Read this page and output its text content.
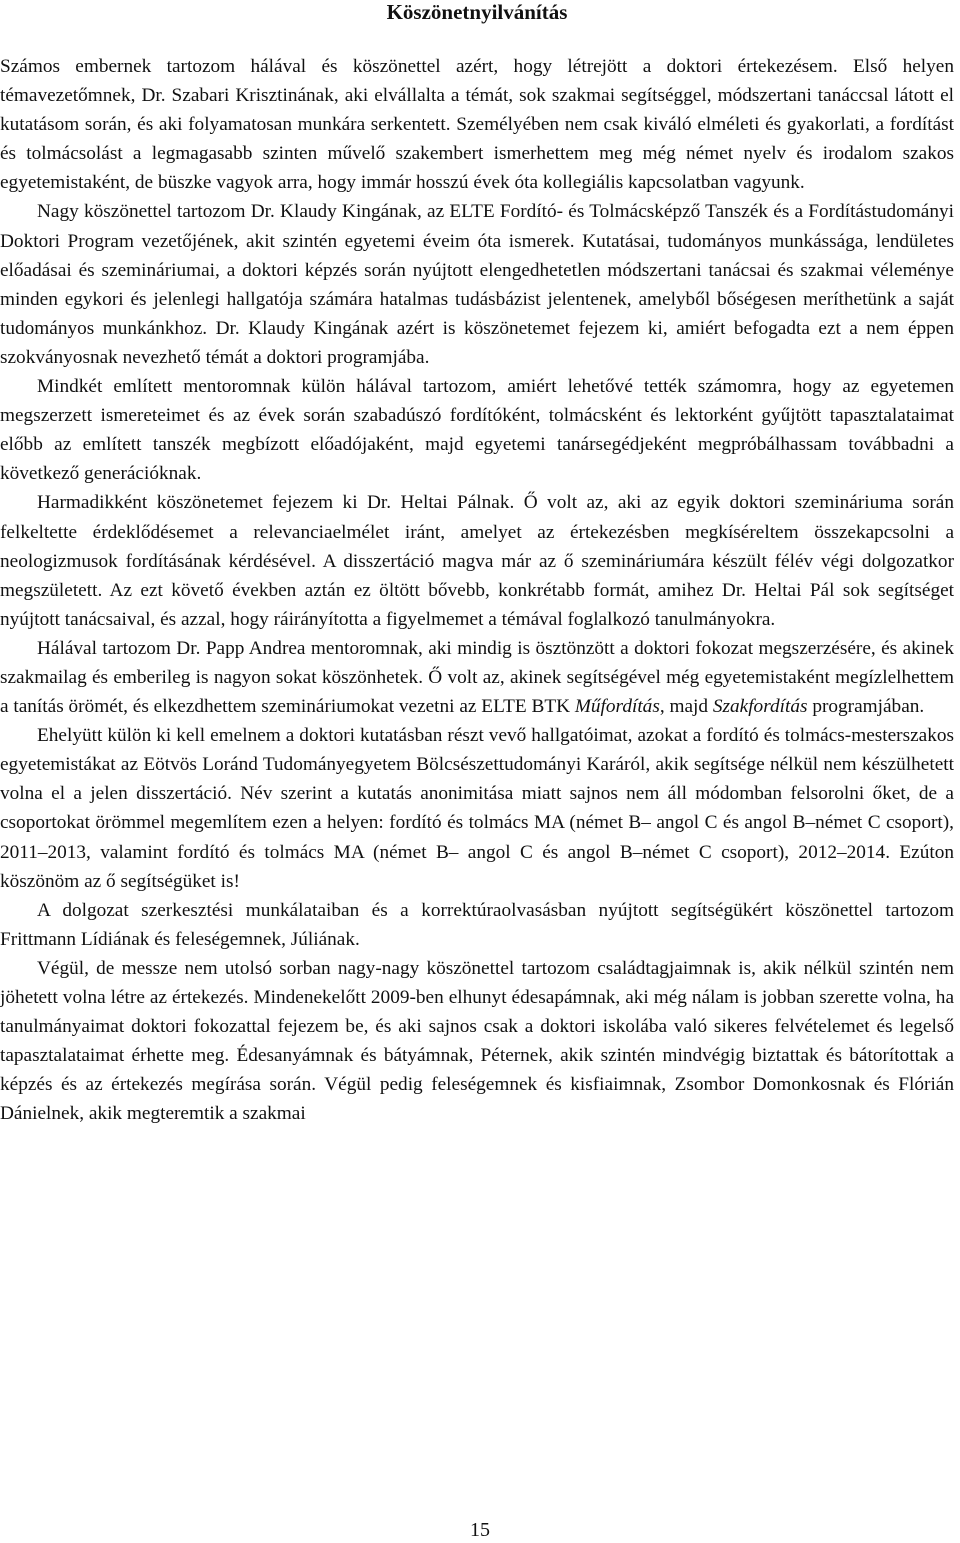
Köszönetnyilvánítás

Számos embernek tartozom hálával és köszönettel azért, hogy létrejött a doktori értekezésem. Első helyen témavezetőmnek, Dr. Szabari Krisztinának, aki elvállalta a témát, sok szakmai segítséggel, módszertani tanáccsal látott el kutatásom során, és aki folyamatosan munkára serkentett. Személyében nem csak kiváló elméleti és gyakorlati, a fordítást és tolmácsolást a legmagasabb szinten művelő szakembert ismerhettem meg még német nyelv és irodalom szakos egyetemistaként, de büszke vagyok arra, hogy immár hosszú évek óta kollegiális kapcsolatban vagyunk.

Nagy köszönettel tartozom Dr. Klaudy Kingának, az ELTE Fordító- és Tolmácsképző Tanszék és a Fordítástudományi Doktori Program vezetőjének, akit szintén egyetemi éveim óta ismerek. Kutatásai, tudományos munkássága, lendületes előadásai és szemináriumai, a doktori képzés során nyújtott elengedhetetlen módszertani tanácsai és szakmai véleménye minden egykori és jelenlegi hallgatója számára hatalmas tudásbázist jelentenek, amelyből bőségesen meríthetünk a saját tudományos munkánkhoz. Dr. Klaudy Kingának azért is köszönetemet fejezem ki, amiért befogadta ezt a nem éppen szokványosnak nevezhető témát a doktori programjába.

Mindkét említett mentoromnak külön hálával tartozom, amiért lehetővé tették számomra, hogy az egyetemen megszerzett ismereteimet és az évek során szabadúszó fordítóként, tolmácsként és lektorként gyűjtött tapasztalataimat előbb az említett tanszék megbízott előadójaként, majd egyetemi tanársegédjeként megpróbálhassam továbbadni a következő generációknak.

Harmadikként köszönetemet fejezem ki Dr. Heltai Pálnak. Ő volt az, aki az egyik doktori szemináriuma során felkeltette érdeklődésemet a relevanciaelmélet iránt, amelyet az értekezésben megkíséreltem összekapcsolni a neologizmusok fordításának kérdésével. A disszertáció magva már az ő szemináriumára készült félév végi dolgozatkor megszületett. Az ezt követő években aztán ez öltött bővebb, konkrétabb formát, amihez Dr. Heltai Pál sok segítséget nyújtott tanácsaival, és azzal, hogy ráirányította a figyelmemet a témával foglalkozó tanulmányokra.

Hálával tartozom Dr. Papp Andrea mentoromnak, aki mindig is ösztönzött a doktori fokozat megszerzésére, és akinek szakmailag és emberileg is nagyon sokat köszönhetek. Ő volt az, akinek segítségével még egyetemistaként megízlelhettem a tanítás örömét, és elkezdhettem szemináriumokat vezetni az ELTE BTK Műfordítás, majd Szakfordítás programjában.

Ehelyütt külön ki kell emelnem a doktori kutatásban részt vevő hallgatóimat, azokat a fordító és tolmács-mesterszakos egyetemistákat az Eötvös Loránd Tudományegyetem Bölcsészettudományi Karáról, akik segítsége nélkül nem készülhetett volna el a jelen disszertáció. Név szerint a kutatás anonimitása miatt sajnos nem áll módomban felsorolni őket, de a csoportokat örömmel megemlítem ezen a helyen: fordító és tolmács MA (német B– angol C és angol B–német C csoport), 2011–2013, valamint fordító és tolmács MA (német B– angol C és angol B–német C csoport), 2012–2014. Ezúton köszönöm az ő segítségüket is!

A dolgozat szerkesztési munkálataiban és a korrektúraolvasásban nyújtott segítségükért köszönettel tartozom Frittmann Lídiának és feleségemnek, Júliának.

Végül, de messze nem utolsó sorban nagy-nagy köszönettel tartozom családtagjaimnak is, akik nélkül szintén nem jöhetett volna létre az értekezés. Mindenekelőtt 2009-ben elhunyt édesapámnak, aki még nálam is jobban szerette volna, ha tanulmányaimat doktori fokozattal fejezem be, és aki sajnos csak a doktori iskolába való sikeres felvételemet és legelső tapasztalataimat érhette meg. Édesanyámnak és bátyámnak, Péternek, akik szintén mindvégig biztattak és bátorítottak a képzés és az értekezés megírása során. Végül pedig feleségemnek és kisfiaimnak, Zsombor Domonkosnak és Flórián Dánielnek, akik megteremtik a szakmai

15
